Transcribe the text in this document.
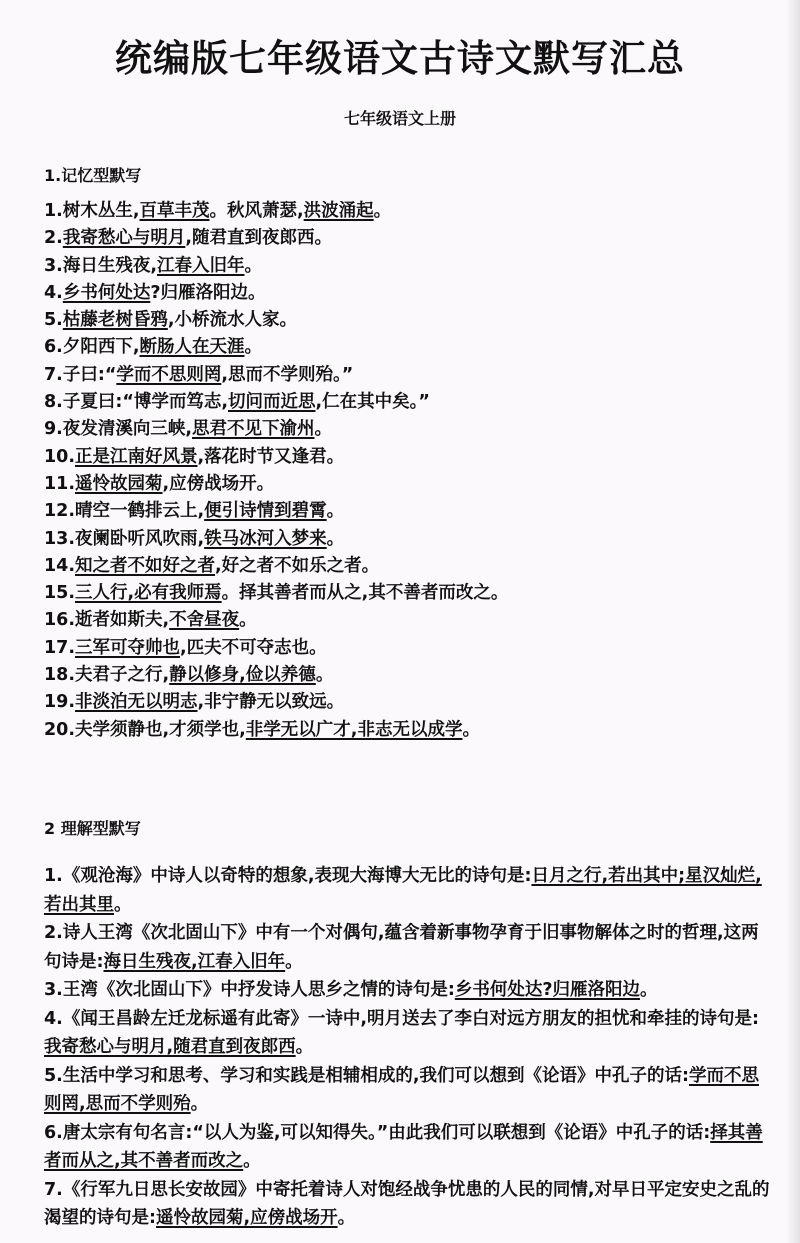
统编版七年级语文古诗文默写汇总
七年级语文上册
1.记忆型默写
1.树木丛生,百草丰茂。秋风萧瑟,洪波涌起。
2.我寄愁心与明月,随君直到夜郎西。
3.海日生残夜,江春入旧年。
4.乡书何处达?归雁洛阳边。
5.枯藤老树昏鸦,小桥流水人家。
6.夕阳西下,断肠人在天涯。
7.子曰:“学而不思则罔,思而不学则殆。”
8.子夏曰:“博学而笃志,切问而近思,仁在其中矣。”
9.夜发清溪向三峡,思君不见下渝州。
10.正是江南好风景,落花时节又逢君。
11.遥怜故园菊,应傍战场开。
12.晴空一鹤排云上,便引诗情到碧霄。
13.夜阑卧听风吹雨,铁马冰河入梦来。
14.知之者不如好之者,好之者不如乐之者。
15.三人行,必有我师焉。择其善者而从之,其不善者而改之。
16.逝者如斯夫,不舍昼夜。
17.三军可夺帅也,匹夫不可夺志也。
18.夫君子之行,静以修身,俭以养德。
19.非淡泊无以明志,非宁静无以致远。
20.夫学须静也,才须学也,非学无以广才,非志无以成学。
2 理解型默写
1.《观沧海》中诗人以奇特的想象,表现大海博大无比的诗句是:日月之行,若出其中;星汉灿烂,若出其里。
2.诗人王湾《次北固山下》中有一个对偶句,蕴含着新事物孕育于旧事物解体之时的哲理,这两句诗是:海日生残夜,江春入旧年。
3.王湾《次北固山下》中抒发诗人思乡之情的诗句是:乡书何处达?归雁洛阳边。
4.《闻王昌龄左迁龙标遥有此寄》一诗中,明月送去了李白对远方朋友的担忧和牵挂的诗句是:我寄愁心与明月,随君直到夜郎西。
5.生活中学习和思考、学习和实践是相辅相成的,我们可以想到《论语》中孔子的话:学而不思则罔,思而不学则殆。
6.唐太宗有句名言:“以人为鉴,可以知得失。”由此我们可以联想到《论语》中孔子的话:择其善者而从之,其不善者而改之。
7.《行军九日思长安故园》中寄托着诗人对饱经战争忧患的人民的同情,对早日平定安史之乱的渴望的诗句是:遥怜故园菊,应傍战场开。
